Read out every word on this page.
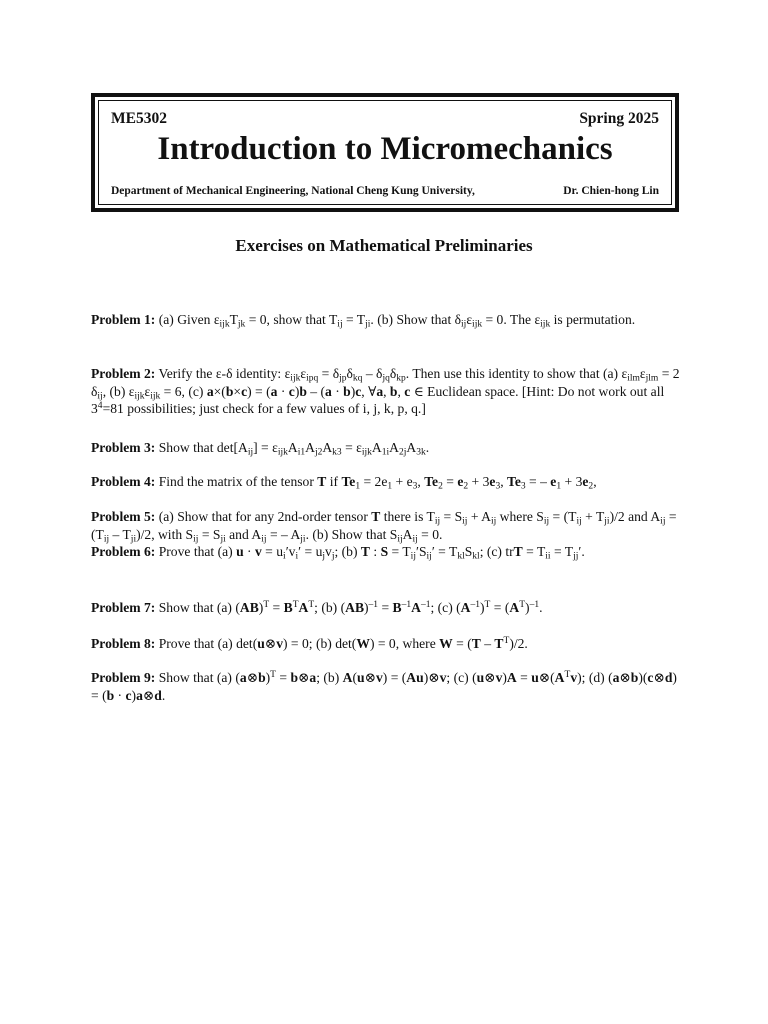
ME5302	Spring 2025
Introduction to Micromechanics
Department of Mechanical Engineering, National Cheng Kung University,	Dr. Chien-hong Lin
Exercises on Mathematical Preliminaries
Problem 1: (a) Given $\varepsilon_{ijk}T_{jk} = 0$, show that $T_{ij} = T_{ji}$. (b) Show that $\delta_{ij}\varepsilon_{ijk} = 0$. The $\varepsilon_{ijk}$ is permutation.
Problem 2: Verify the ε-δ identity: $\varepsilon_{ijk}\varepsilon_{ipq} = \delta_{jp}\delta_{kq} - \delta_{jq}\delta_{kp}$. Then use this identity to show that (a) $\varepsilon_{ilm}\varepsilon_{jlm} = 2$ $\delta_{ij}$, (b) $\varepsilon_{ijk}\varepsilon_{ijk} = 6$, (c) a×(b×c) = (a · c)b – (a · b)c, ∀a, b, c ∈ Euclidean space. [Hint: Do not work out all $3^4=81$ possibilities; just check for a few values of i, j, k, p, q.]
Problem 3: Show that $\det[A_{ij}] = \varepsilon_{ijk}A_{i1}A_{j2}A_{k3} = \varepsilon_{ijk}A_{1i}A_{2j}A_{3k}$.
Problem 4: Find the matrix of the tensor T if $Te_1 = 2e_1 + e_3$, $Te_2 = e_2 + 3e_3$, $Te_3$ = – $e_1 + 3e_2$,
Problem 5: (a) Show that for any 2nd-order tensor T there is $T_{ij} = S_{ij} + A_{ij}$ where $S_{ij} = (T_{ij} + T_{ji})/2$ and $A_{ij} = (T_{ij} - T_{ji})/2$, with $S_{ij} = S_{ji}$ and $A_{ij}$ = – $A_{ji}$. (b) Show that $S_{ij}A_{ij} = 0$.
Problem 6: Prove that (a) $u \cdot v = u_i'v_i' = u_jv_j$; (b) T : $S = T_{ij}'S_{ij}' = T_{kl}S_{kl}$; (c) trT = $T_{ii} = T_{jj}'$.
Problem 7: Show that (a) $(AB)^T = B^TA^T$; (b) $(AB)^{-1} = B^{-1}A^{-1}$; (c) $(A^{-1})^T = (A^T)^{-1}$.
Problem 8: Prove that (a) det(u⊗v) = 0; (b) det(W) = 0, where $W = (T - T^T)/2$.
Problem 9: Show that (a) (a⊗b)$^T$ = b⊗a; (b) A(u⊗v) = (Au)⊗v; (c) (u⊗v)A = $u\otimes(A^Tv)$; (d) (a⊗b)(c⊗d) = (b · c)a⊗d.
